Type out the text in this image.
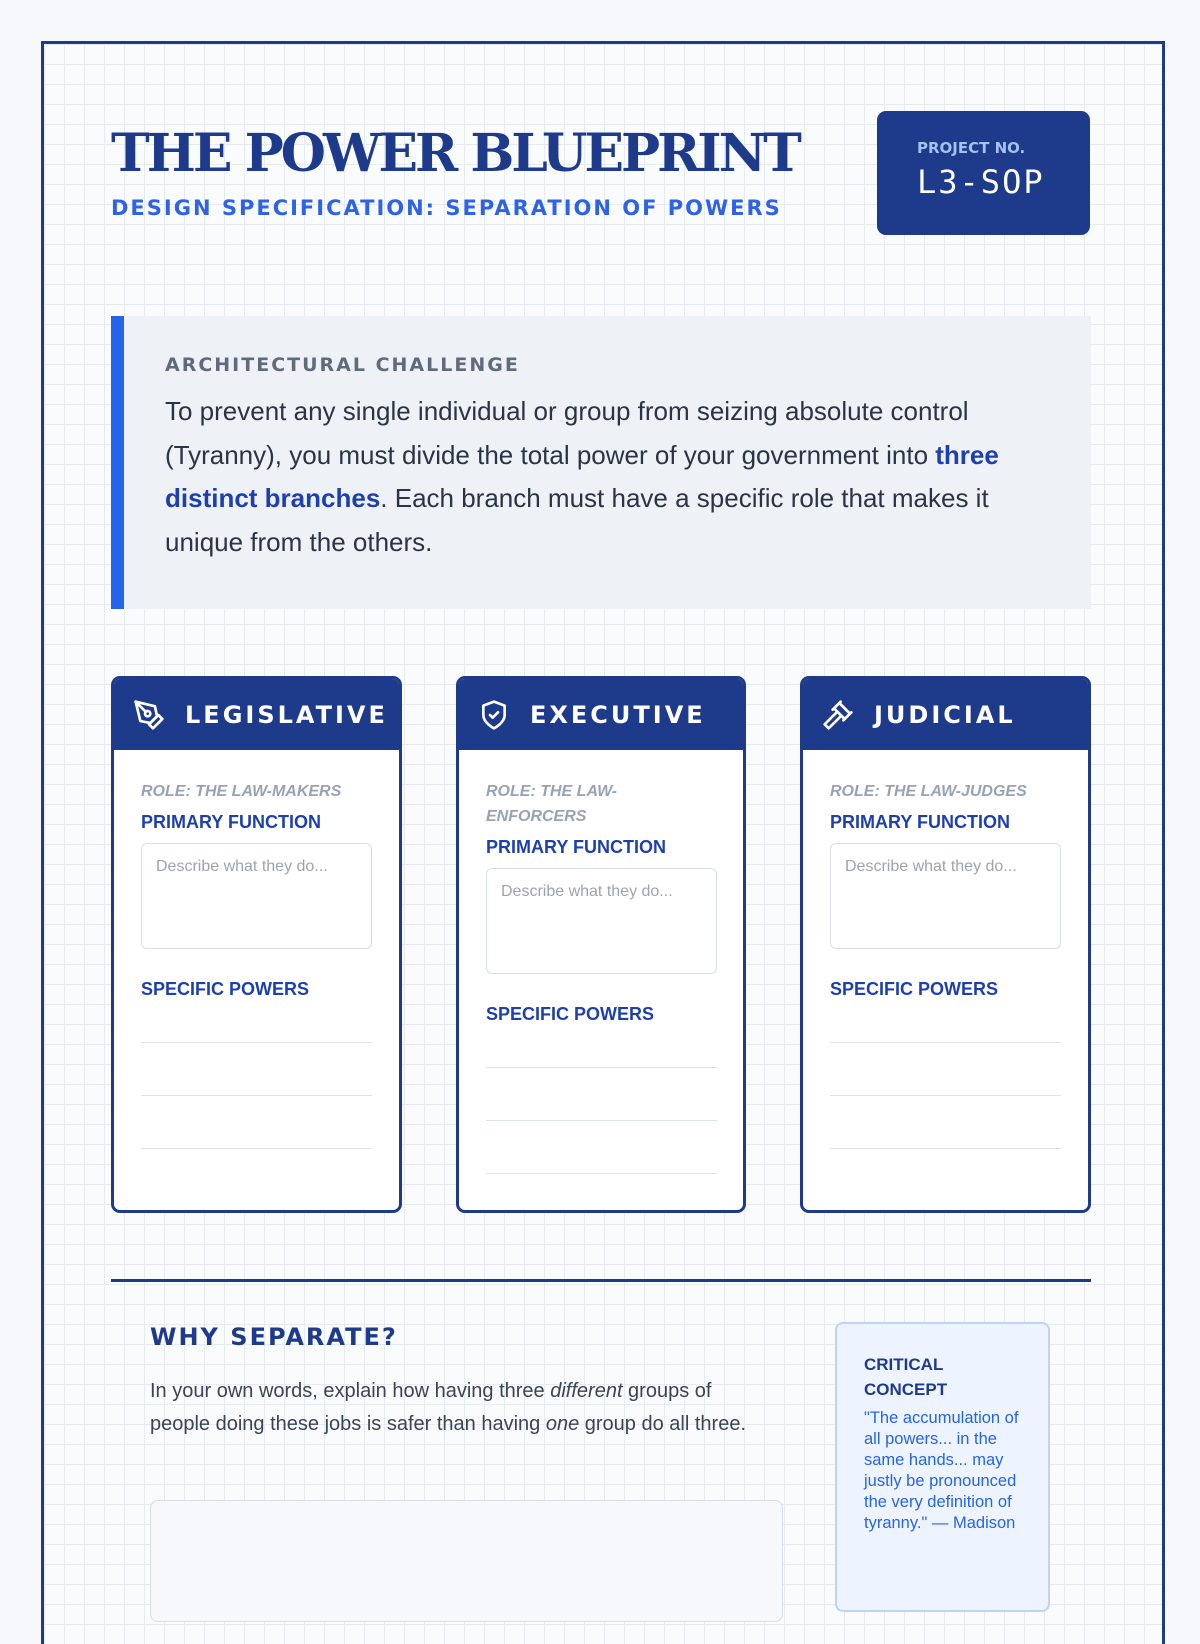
THE POWER BLUEPRINT
DESIGN SPECIFICATION: SEPARATION OF POWERS
PROJECT NO.
L3-SOP
ARCHITECTURAL CHALLENGE
To prevent any single individual or group from seizing absolute control (Tyranny), you must divide the total power of your government into three distinct branches. Each branch must have a specific role that makes it unique from the others.
LEGISLATIVE
ROLE: THE LAW-MAKERS
PRIMARY FUNCTION
Describe what they do...
SPECIFIC POWERS
EXECUTIVE
ROLE: THE LAW-ENFORCERS
PRIMARY FUNCTION
Describe what they do...
SPECIFIC POWERS
JUDICIAL
ROLE: THE LAW-JUDGES
PRIMARY FUNCTION
Describe what they do...
SPECIFIC POWERS
WHY SEPARATE?
In your own words, explain how having three different groups of people doing these jobs is safer than having one group do all three.
CRITICAL CONCEPT
"The accumulation of all powers... in the same hands... may justly be pronounced the very definition of tyranny." — Madison
